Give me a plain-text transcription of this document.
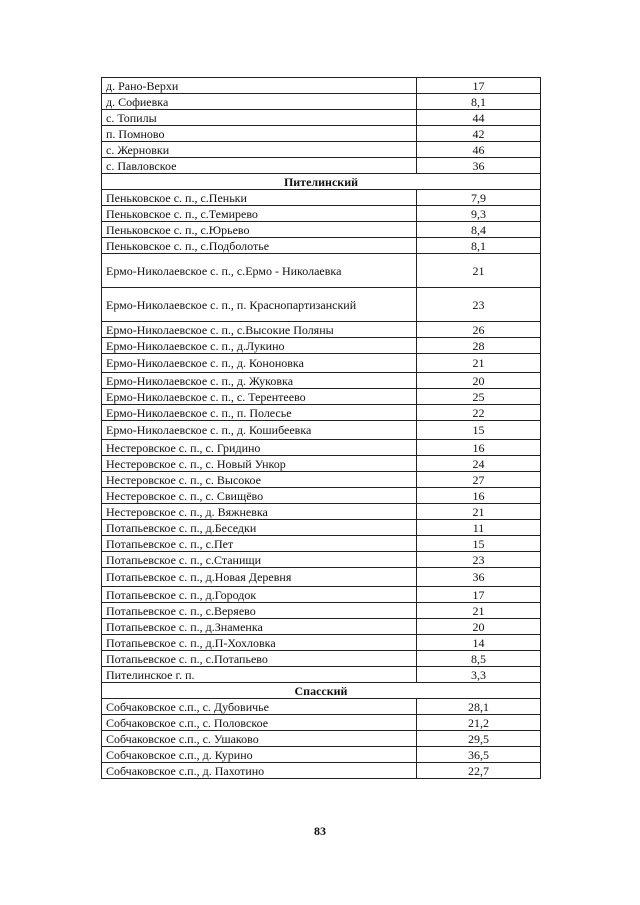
д. Рано-Верхи	17
д. Софиевка	8,1
с. Топилы	44
п. Помново	42
с. Жерновки	46
с. Павловское	36
Пителинский	
Пеньковское с. п., с.Пеньки	7,9
Пеньковское с. п., с.Темирево	9,3
Пеньковское с. п., с.Юрьево	8,4
Пеньковское с. п., с.Подболотье	8,1
Ермо-Николаевское с. п., с.Ермо - Николаевка	21
Ермо-Николаевское с. п., п. Краснопартизанский	23
Ермо-Николаевское с. п., с.Высокие Поляны	26
Ермо-Николаевское с. п., д.Лукино	28
Ермо-Николаевское с. п., д. Кононовка	21
Ермо-Николаевское с. п., д. Жуковка	20
Ермо-Николаевское с. п., с. Терентеево	25
Ермо-Николаевское с. п., п. Полесье	22
Ермо-Николаевское с. п., д. Кошибеевка	15
Нестеровское с. п., с. Гридино	16
Нестеровское с. п., с. Новый Ункор	24
Нестеровское с. п., с. Высокое	27
Нестеровское с. п., с. Свищёво	16
Нестеровское с. п., д. Вяжневка	21
Потапьевское с. п., д.Беседки	11
Потапьевское с. п., с.Пет	15
Потапьевское с. п., с.Станищи	23
Потапьевское с. п., д.Новая Деревня	36
Потапьевское с. п., д.Городок	17
Потапьевское с. п., с.Веряево	21
Потапьевское с. п., д.Знаменка	20
Потапьевское с. п., д.П-Хохловка	14
Потапьевское с. п., с.Потапьево	8,5
Пителинское г. п.	3,3
Спасский	
Собчаковское с.п., с. Дубовичье	28,1
Собчаковское с.п., с. Половское	21,2
Собчаковское с.п., с. Ушаково	29,5
Собчаковское с.п., д. Курино	36,5
Собчаковское с.п., д. Пахотино	22,7
83
